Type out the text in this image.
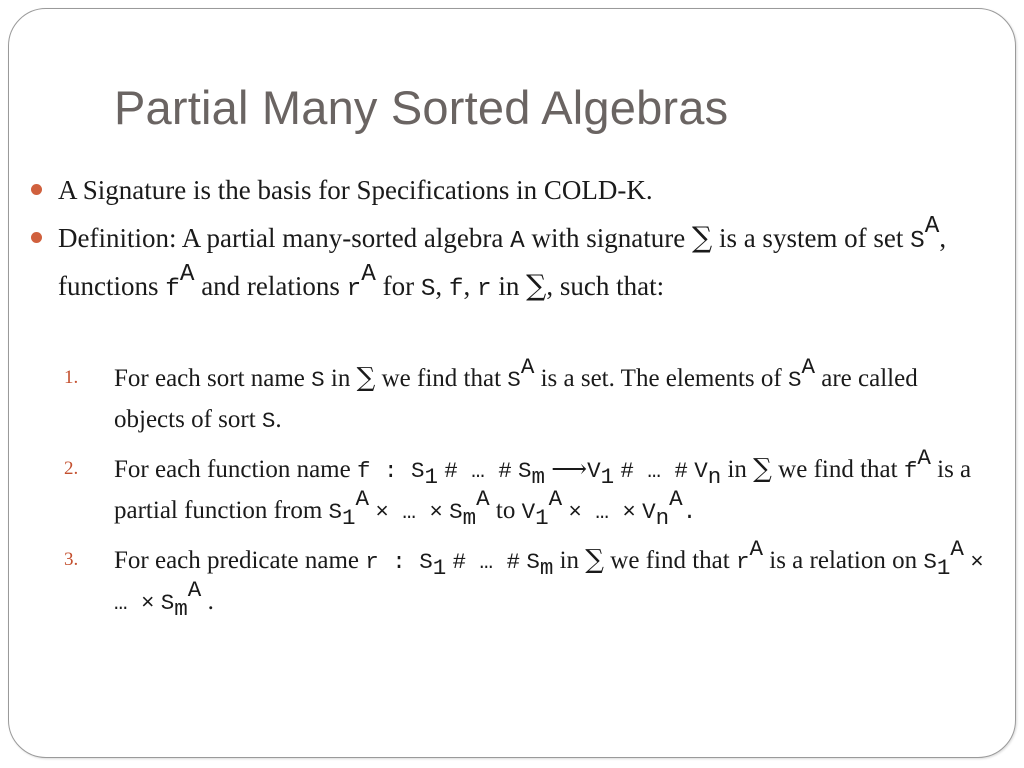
Partial Many Sorted Algebras
A Signature is the basis for Specifications in COLD-K.
Definition: A partial many-sorted algebra A with signature ∑ is a system of set $S^A$, functions $f^A$ and relations $r^A$ for S, f, r in ∑, such that:
1. For each sort name S in ∑ we find that $S^A$ is a set. The elements of $S^A$ are called objects of sort S.
2. For each function name f : $S_1$ # … # $S_m$ $⟶V_1$ # … # $V_n$ in ∑ we find that $f^A$ is a partial function from $S_1^A$ × … × $S_m^A$ to $V_1^A$ × … × $V_n^A$.
3. For each predicate name r : $S_1$ # … # $S_m$ in ∑ we find that $r^A$ is a relation on $S_1^A$ × … × $S_m^A$ .
